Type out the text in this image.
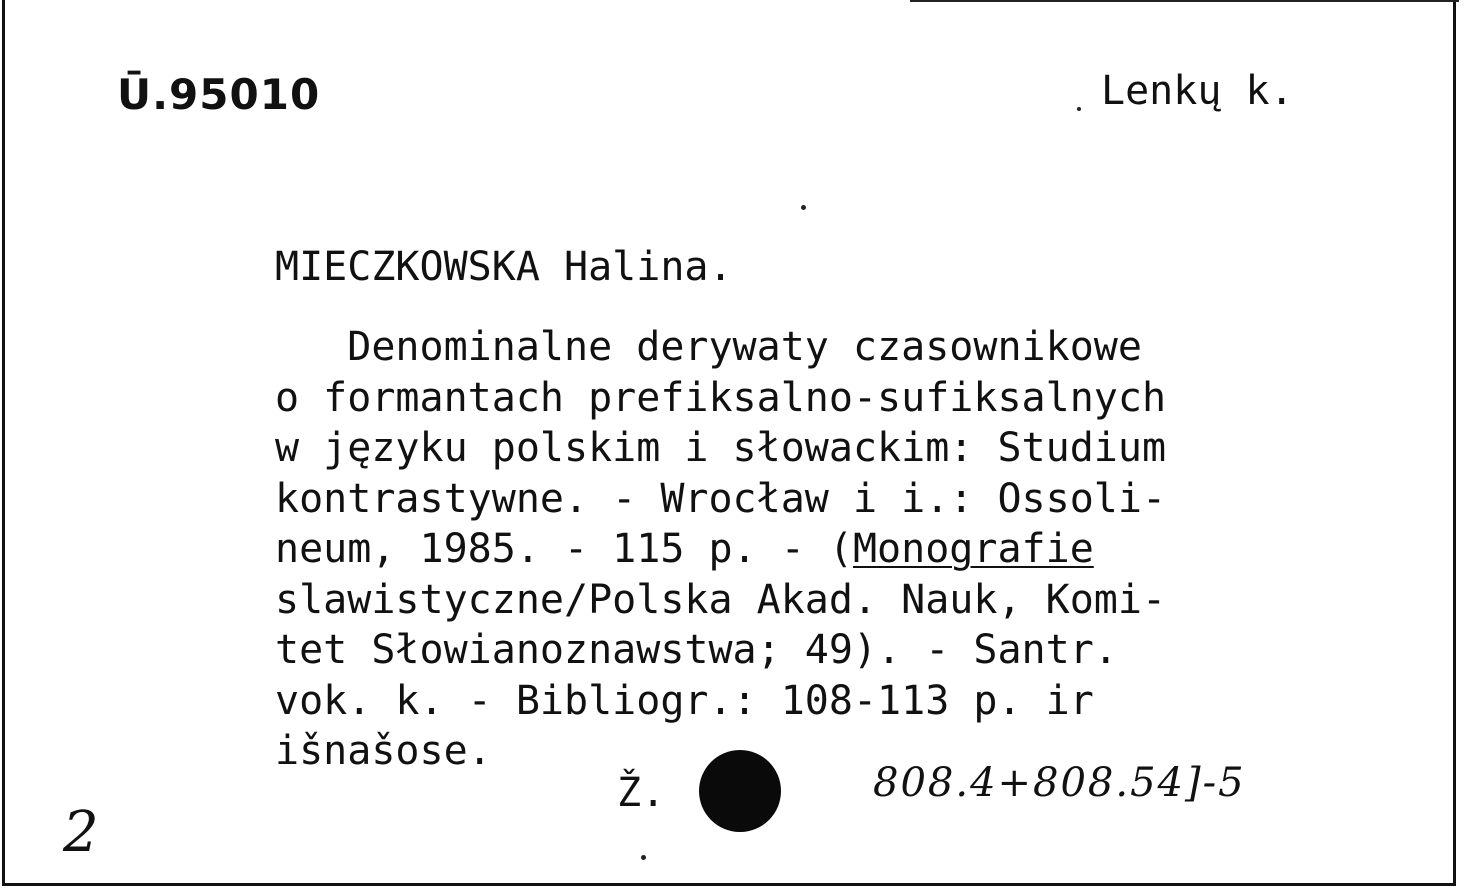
Ū.95010	Lenkų k.
MIECZKOWSKA Halina.
Denominalne derywaty czasownikowe
o formantach prefiksalno-sufiksalnych
w języku polskim i słowackim: Studium
kontrastywne. - Wrocław i i.: Ossoli-
neum, 1985. - 115 p. - (Monografie
slawistyczne/Polska Akad. Nauk, Komi-
tet Słowianoznawstwa; 49). - Santr.
vok. k. - Bibliogr.: 108-113 p. ir
išnašose.
Ž.	808.4+808.54]-5
2
